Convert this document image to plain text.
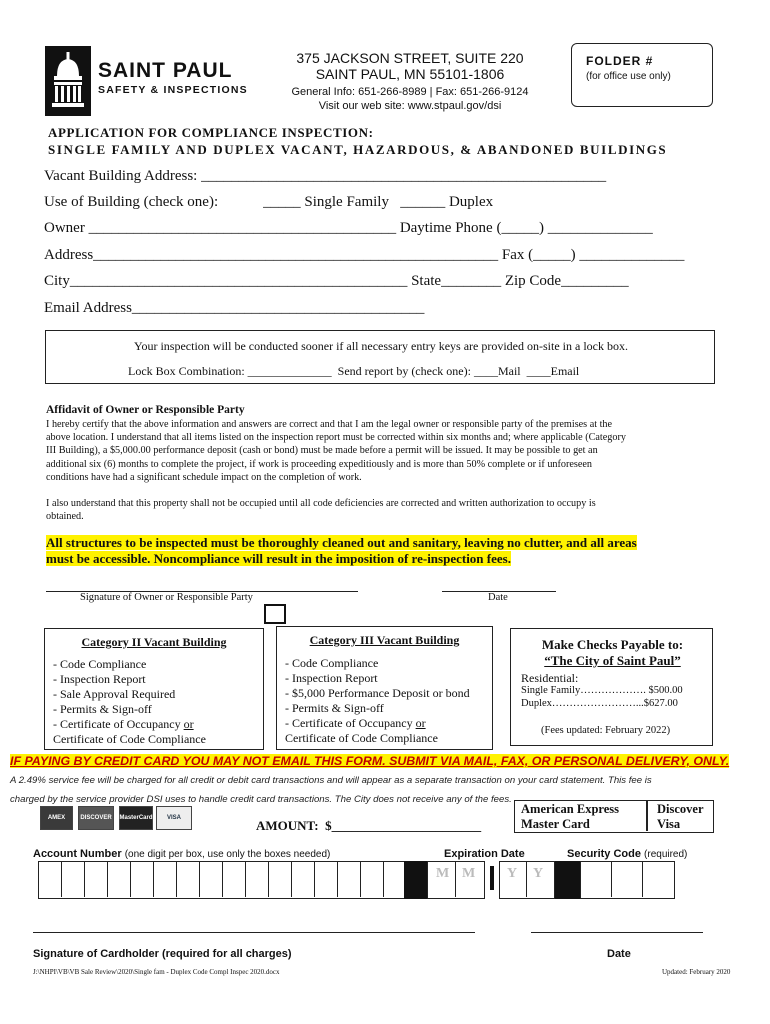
SAINT PAUL
SAFETY & INSPECTIONS
375 JACKSON STREET, SUITE 220
SAINT PAUL, MN 55101-1806
General Info: 651-266-8989 | Fax: 651-266-9124
Visit our web site: www.stpaul.gov/dsi
FOLDER #
(for office use only)
APPLICATION FOR COMPLIANCE INSPECTION:
SINGLE FAMILY AND DUPLEX VACANT, HAZARDOUS, & ABANDONED BUILDINGS
Vacant Building Address: ______________________________________________________
Use of Building (check one):            _____ Single Family   ______ Duplex
Owner _________________________________________ Daytime Phone (_____) ______________
Address______________________________________________________ Fax (_____) ______________
City_____________________________________________ State________ Zip Code_________
Email Address_______________________________________
Your inspection will be conducted sooner if all necessary entry keys are provided on-site in a lock box.
Lock Box Combination: ______________  Send report by (check one): ____Mail  ____Email
Affidavit of Owner or Responsible Party
I hereby certify that the above information and answers are correct and that I am the legal owner or responsible party of the premises at the
above location. I understand that all items listed on the inspection report must be corrected within six months and; where applicable (Category
III Building), a $5,000.00 performance deposit (cash or bond) must be made before a permit will be issued. It may be possible to get an
additional six (6) months to complete the project, if work is proceeding expeditiously and is more than 50% complete or if unforeseen
conditions have had a significant schedule impact on the completion of work.
I also understand that this property shall not be occupied until all code deficiencies are corrected and written authorization to occupy is
obtained.
All structures to be inspected must be thoroughly cleaned out and sanitary, leaving no clutter, and all areas
must be accessible. Noncompliance will result in the imposition of re-inspection fees.
Signature of Owner or Responsible Party	Date
Category II Vacant Building
- Code Compliance
- Inspection Report
- Sale Approval Required
- Permits & Sign-off
- Certificate of Occupancy or
Certificate of Code Compliance
Category III Vacant Building
- Code Compliance
- Inspection Report
- $5,000 Performance Deposit or bond
- Permits & Sign-off
- Certificate of Occupancy or
Certificate of Code Compliance
Make Checks Payable to:
“The City of Saint Paul”
Residential:
Single Family………………. $500.00
Duplex……………………...$627.00
(Fees updated: February 2022)
IF PAYING BY CREDIT CARD YOU MAY NOT EMAIL THIS FORM. SUBMIT VIA MAIL, FAX, OR PERSONAL DELIVERY, ONLY.
A 2.49% service fee will be charged for all credit or debit card transactions and will appear as a separate transaction on your card statement. This fee is
charged by the service provider DSI uses to handle credit card transactions. The City does not receive any of the fees.
AMEX	DISCOVER	MasterCard	VISA	AMOUNT:  $_______________________
American Express	Discover
Master Card	Visa
Account Number (one digit per box, use only the boxes needed)	Expiration Date	Security Code (required)
M M Y Y
Signature of Cardholder (required for all charges)	Date
J:\NHPI\VB\VB Sale Review\2020\Single fam - Duplex Code Compl Inspec 2020.docx	Updated: February 2020
